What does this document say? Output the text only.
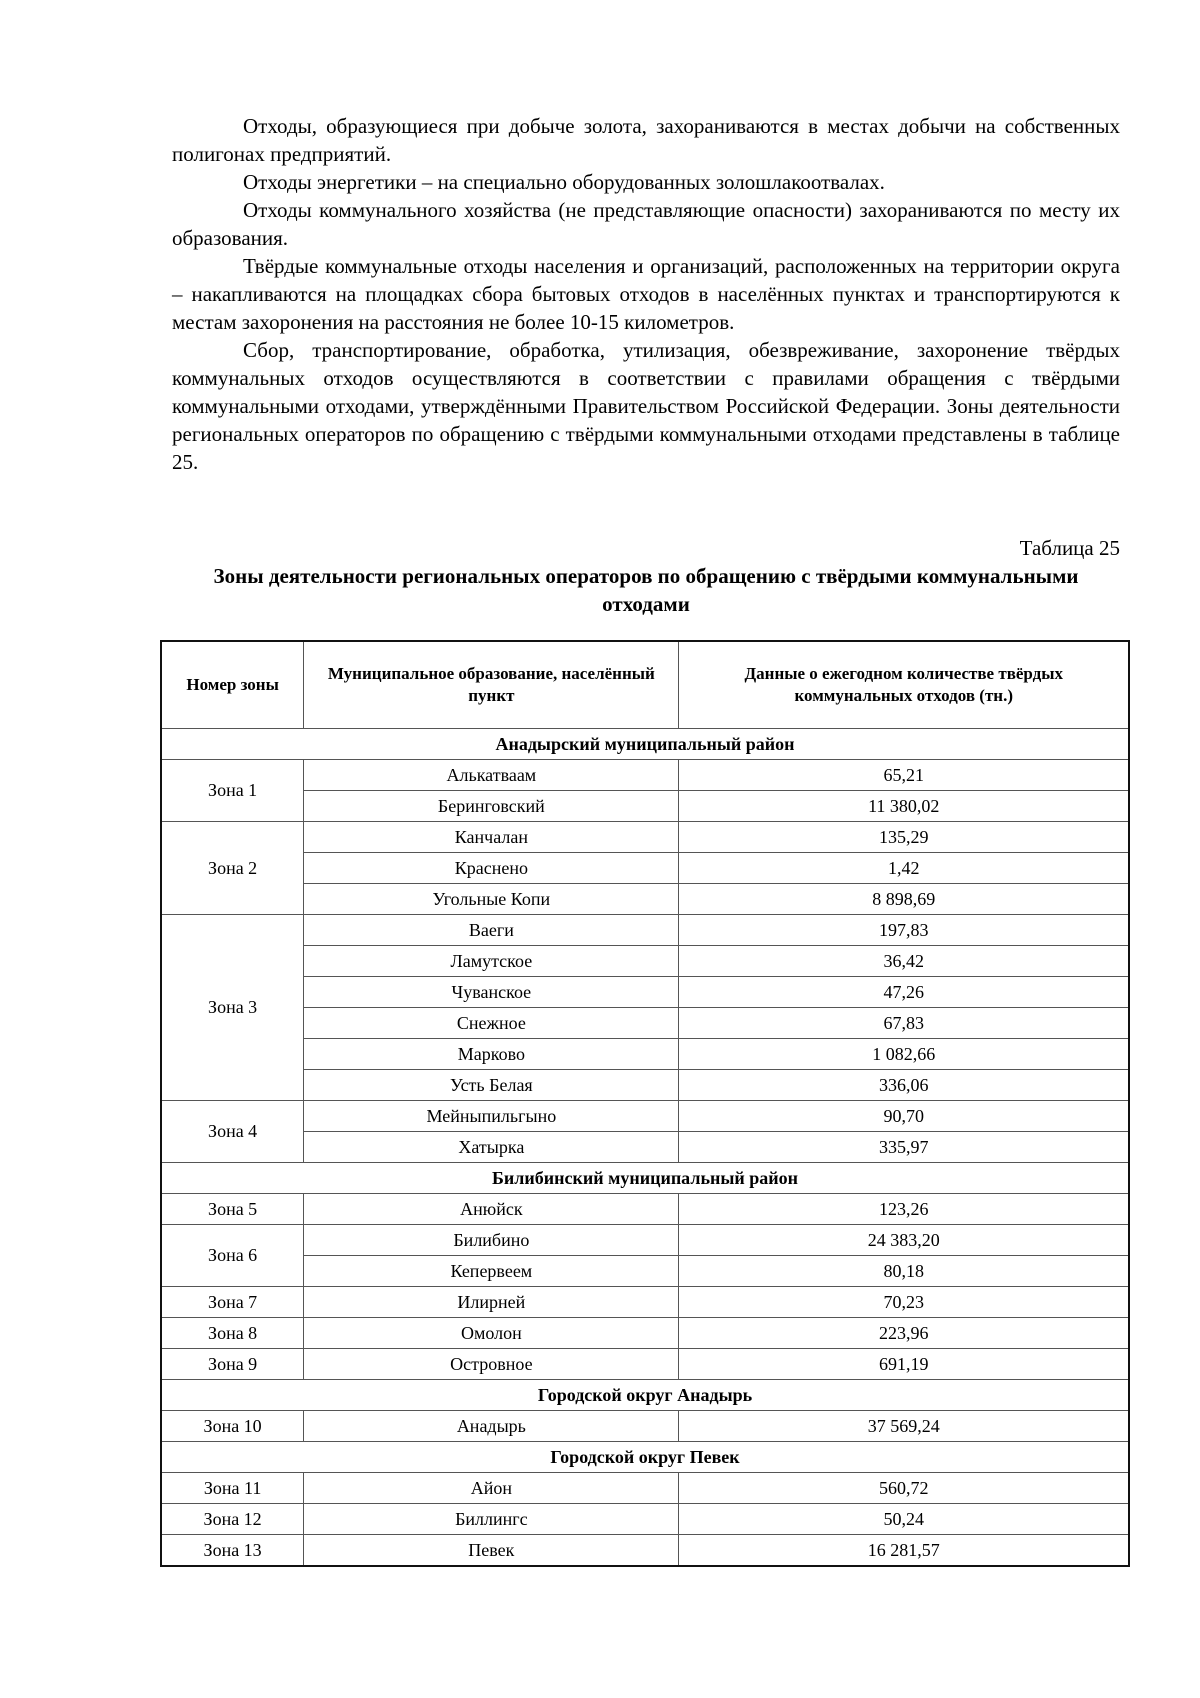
Отходы, образующиеся при добыче золота, захораниваются в местах добычи на собственных полигонах предприятий.

Отходы энергетики – на специально оборудованных золошлакоотвалах.

Отходы коммунального хозяйства (не представляющие опасности) захораниваются по месту их образования.

Твёрдые коммунальные отходы населения и организаций, расположенных на территории округа – накапливаются на площадках сбора бытовых отходов в населённых пунктах и транспортируются к местам захоронения на расстояния не более 10-15 километров.

Сбор, транспортирование, обработка, утилизация, обезвреживание, захоронение твёрдых коммунальных отходов осуществляются в соответствии с правилами обращения с твёрдыми коммунальными отходами, утверждёнными Правительством Российской Федерации. Зоны деятельности региональных операторов по обращению с твёрдыми коммунальными отходами представлены в таблице 25.

Таблица 25
Зоны деятельности региональных операторов по обращению с твёрдыми коммунальными отходами
Номер зоны	Муниципальное образование, населённый пункт	Данные о ежегодном количестве твёрдых коммунальных отходов (тн.)
Анадырский муниципальный район		
Зона 1	Алькатваам	65,21
	Беринговский	11 380,02
Зона 2	Канчалан	135,29
	Краснено	1,42
	Угольные Копи	8 898,69
Зона 3	Ваеги	197,83
	Ламутское	36,42
	Чуванское	47,26
	Снежное	67,83
	Марково	1 082,66
	Усть Белая	336,06
Зона 4	Мейныпильгыно	90,70
	Хатырка	335,97
Билибинский муниципальный район		
Зона 5	Анюйск	123,26
Зона 6	Билибино	24 383,20
	Кепервеем	80,18
Зона 7	Илирней	70,23
Зона 8	Омолон	223,96
Зона 9	Островное	691,19
Городской округ Анадырь		
Зона 10	Анадырь	37 569,24
Городской округ Певек		
Зона 11	Айон	560,72
Зона 12	Биллингс	50,24
Зона 13	Певек	16 281,57
